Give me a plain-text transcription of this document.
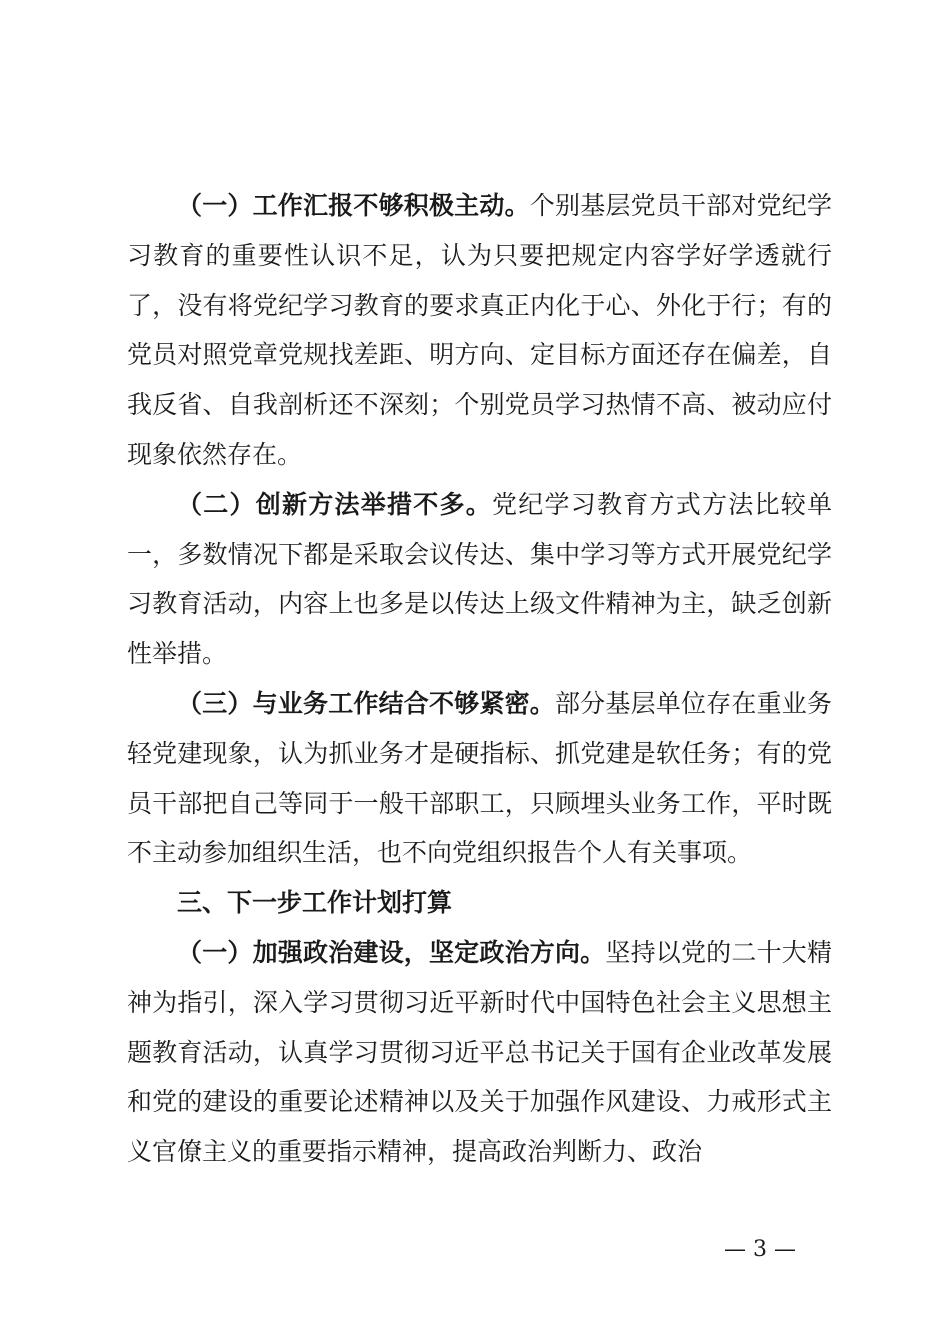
（一）工作汇报不够积极主动。个别基层党员干部对党纪学习教育的重要性认识不足，认为只要把规定内容学好学透就行了，没有将党纪学习教育的要求真正内化于心、外化于行；有的党员对照党章党规找差距、明方向、定目标方面还存在偏差，自我反省、自我剖析还不深刻；个别党员学习热情不高、被动应付现象依然存在。

（二）创新方法举措不多。党纪学习教育方式方法比较单一，多数情况下都是采取会议传达、集中学习等方式开展党纪学习教育活动，内容上也多是以传达上级文件精神为主，缺乏创新性举措。

（三）与业务工作结合不够紧密。部分基层单位存在重业务轻党建现象，认为抓业务才是硬指标、抓党建是软任务；有的党员干部把自己等同于一般干部职工，只顾埋头业务工作，平时既不主动参加组织生活，也不向党组织报告个人有关事项。

三、下一步工作计划打算

（一）加强政治建设，坚定政治方向。坚持以党的二十大精神为指引，深入学习贯彻习近平新时代中国特色社会主义思想主题教育活动，认真学习贯彻习近平总书记关于国有企业改革发展和党的建设的重要论述精神以及关于加强作风建设、力戒形式主义官僚主义的重要指示精神，提高政治判断力、政治

— 3 —
